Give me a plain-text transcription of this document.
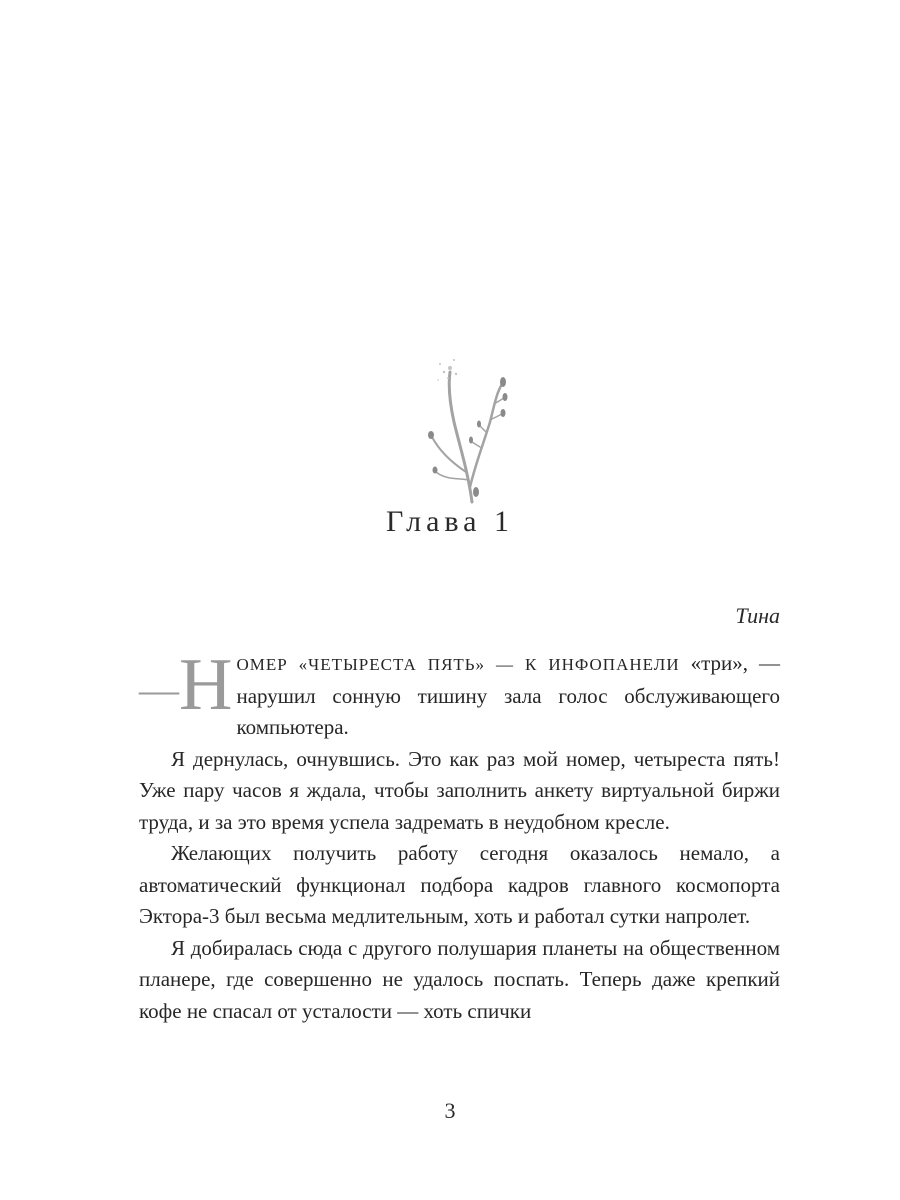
Глава 1
Тина

— Н ОМЕР «ЧЕТЫРЕСТА ПЯТЬ» — К ИНФОПАНЕЛИ «три», — нарушил сонную тишину зала голос обслуживающего компьютера.

Я дернулась, очнувшись. Это как раз мой номер, четыреста пять! Уже пару часов я ждала, чтобы заполнить анкету виртуальной биржи труда, и за это время успела задремать в неудобном кресле.

Желающих получить работу сегодня оказалось немало, а автоматический функционал подбора кадров главного космопорта Эктора-3 был весьма медлительным, хоть и работал сутки напролет.

Я добиралась сюда с другого полушария планеты на общественном планере, где совершенно не удалось поспать. Теперь даже крепкий кофе не спасал от усталости — хоть спички

3
